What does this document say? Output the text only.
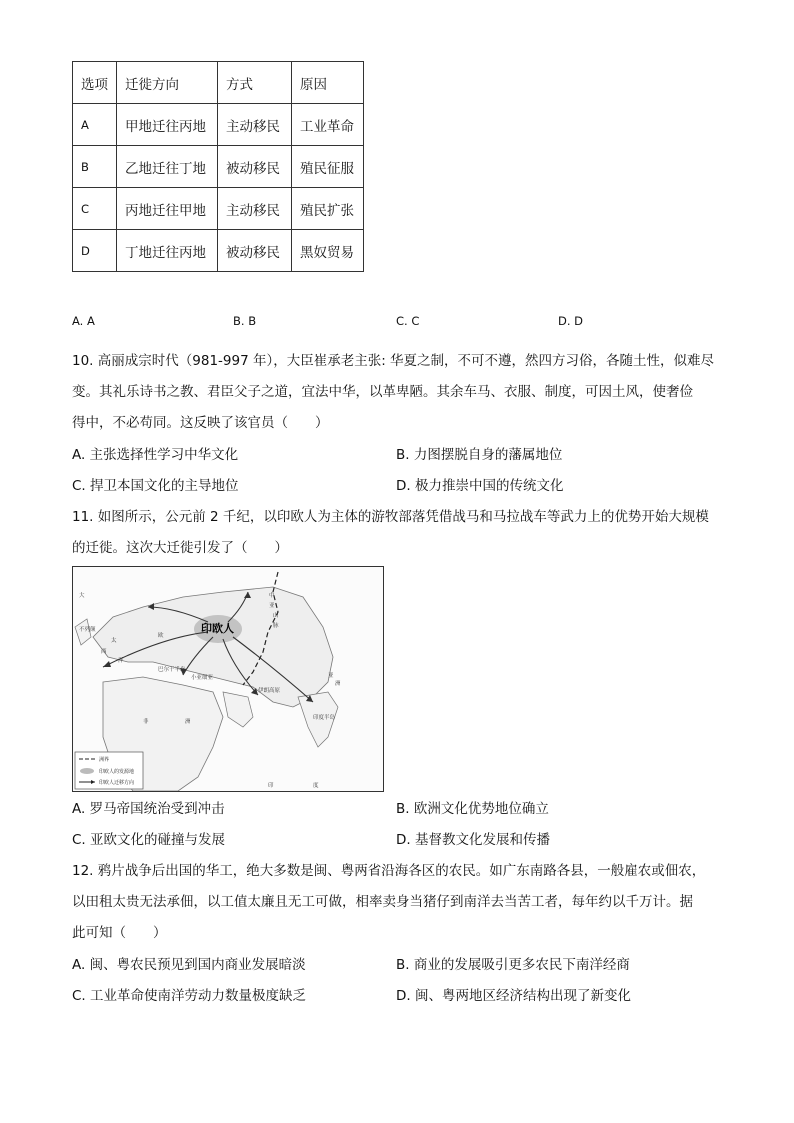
选项	迁徙方向	方式	原因
A	甲地迁往丙地	主动移民	工业革命
B	乙地迁往丁地	被动移民	殖民征服
C	丙地迁往甲地	主动移民	殖民扩张
D	丁地迁往丙地	被动移民	黑奴贸易
A. A	B. B	C. C	D. D
10. 高丽成宗时代（981-997 年），大臣崔承老主张: 华夏之制，不可不遵，然四方习俗，各随土性，似难尽
变。其礼乐诗书之教、君臣父子之道，宜法中华，以革卑陋。其余车马、衣服、制度，可因土风，使奢俭
得中，不必苟同。这反映了该官员（　　）
A. 主张选择性学习中华文化	B. 力图摆脱自身的藩属地位
C. 捍卫本国文化的主导地位	D. 极力推崇中国的传统文化
11. 如图所示，公元前 2 千纪，以印欧人为主体的游牧部落凭借战马和马拉战车等武力上的优势开始大规模
的迁徙。这次大迁徙引发了（　　）
印欧人
大
不列颠
西
欧
巴尔干半岛
小亚细亚
伊朗高原
亚
洲
印度半岛
非	洲
印	度
太
洋
中
亚
山
脉
洲界
印欧人的发源地
印欧人迁移方向
A. 罗马帝国统治受到冲击	B. 欧洲文化优势地位确立
C. 亚欧文化的碰撞与发展	D. 基督教文化发展和传播
12. 鸦片战争后出国的华工，绝大多数是闽、粤两省沿海各区的农民。如广东南路各县，一般雇农或佃农，
以田租太贵无法承佃，以工值太廉且无工可做，相率卖身当猪仔到南洋去当苦工者，每年约以千万计。据
此可知（　　）
A. 闽、粤农民预见到国内商业发展暗淡	B. 商业的发展吸引更多农民下南洋经商
C. 工业革命使南洋劳动力数量极度缺乏	D. 闽、粤两地区经济结构出现了新变化
